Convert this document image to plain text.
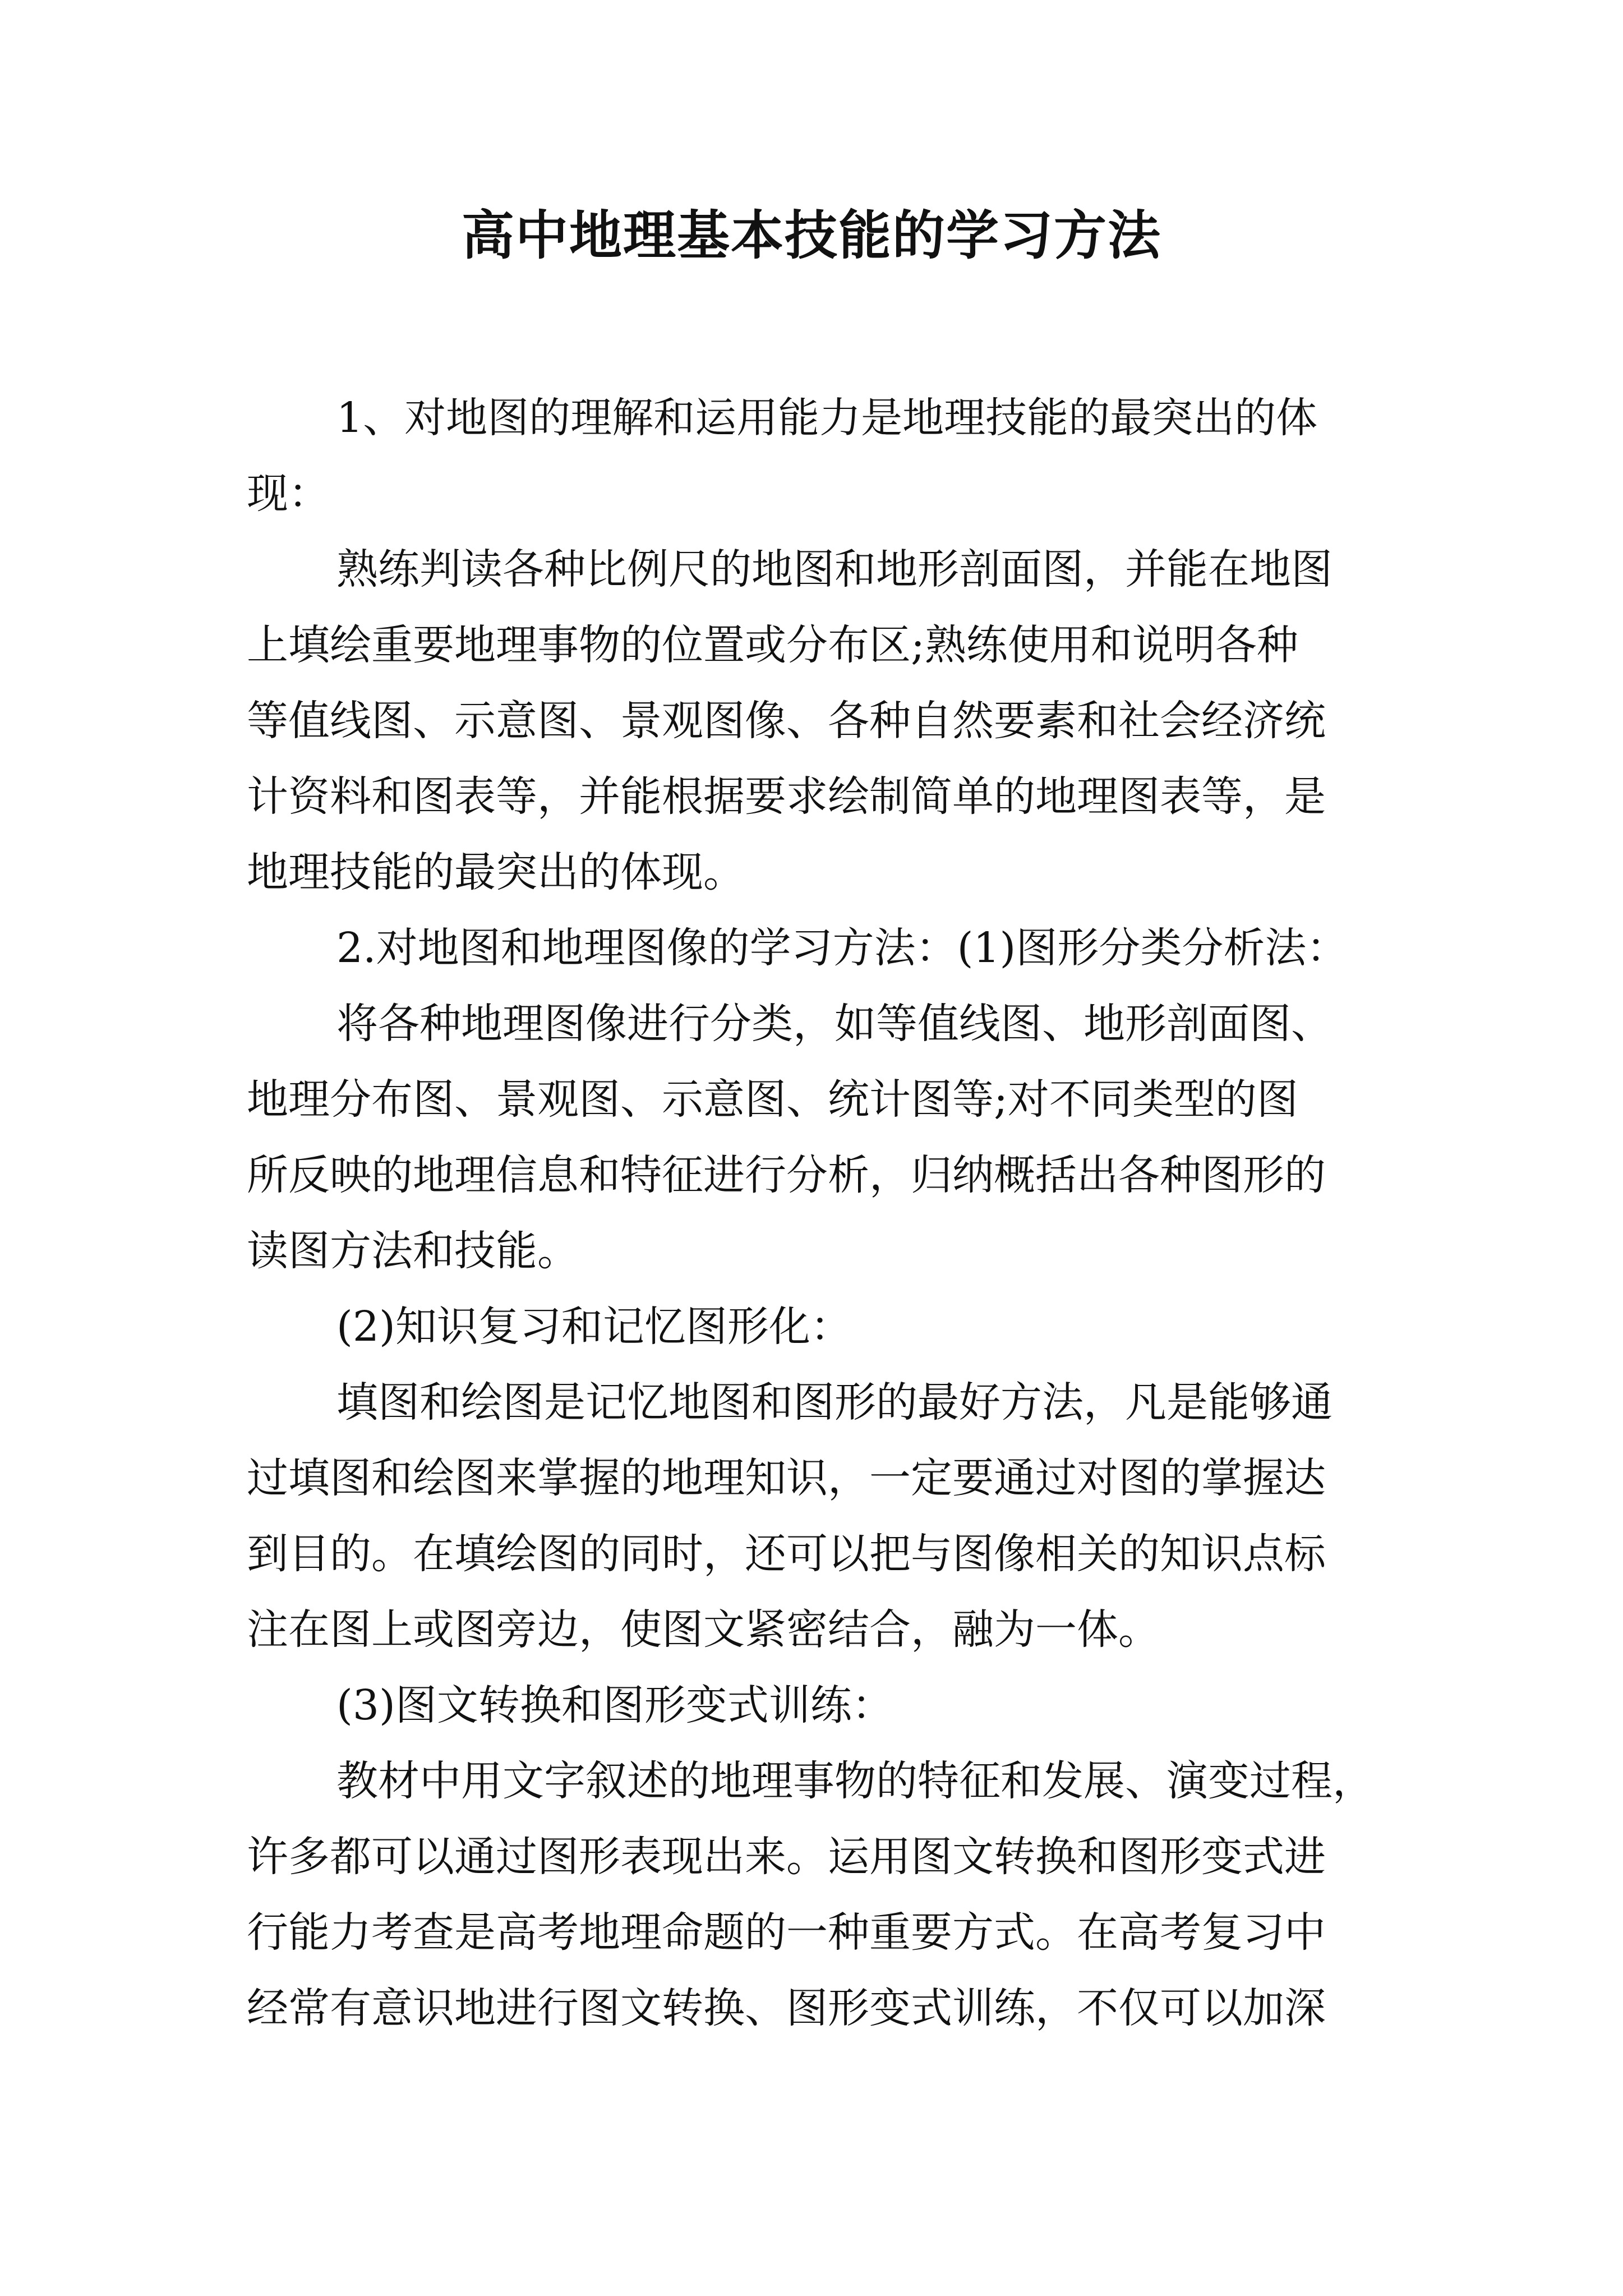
高中地理基本技能的学习方法
1、对地图的理解和运用能力是地理技能的最突出的体
现：
熟练判读各种比例尺的地图和地形剖面图，并能在地图
上填绘重要地理事物的位置或分布区;熟练使用和说明各种
等值线图、示意图、景观图像、各种自然要素和社会经济统
计资料和图表等，并能根据要求绘制简单的地理图表等，是
地理技能的最突出的体现。
2.对地图和地理图像的学习方法：(1)图形分类分析法：
将各种地理图像进行分类，如等值线图、地形剖面图、
地理分布图、景观图、示意图、统计图等;对不同类型的图
所反映的地理信息和特征进行分析，归纳概括出各种图形的
读图方法和技能。
(2)知识复习和记忆图形化：
填图和绘图是记忆地图和图形的最好方法，凡是能够通
过填图和绘图来掌握的地理知识，一定要通过对图的掌握达
到目的。在填绘图的同时，还可以把与图像相关的知识点标
注在图上或图旁边，使图文紧密结合，融为一体。
(3)图文转换和图形变式训练：
教材中用文字叙述的地理事物的特征和发展、演变过程，
许多都可以通过图形表现出来。运用图文转换和图形变式进
行能力考查是高考地理命题的一种重要方式。在高考复习中
经常有意识地进行图文转换、图形变式训练，不仅可以加深
